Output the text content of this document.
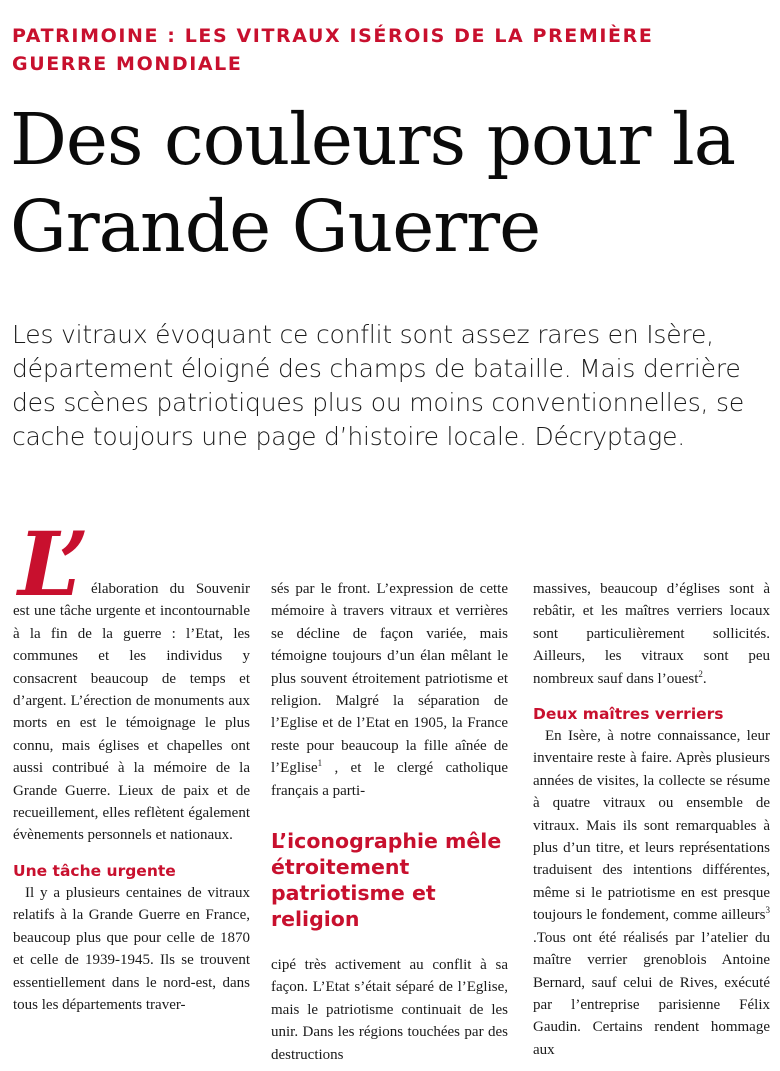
PATRIMOINE : LES VITRAUX ISÉROIS DE LA PREMIÈRE GUERRE MONDIALE
Des couleurs pour la Grande Guerre
Les vitraux évoquant ce conflit sont assez rares en Isère, département éloigné des champs de bataille. Mais derrière des scènes patriotiques plus ou moins conventionnelles, se cache toujours une page d’histoire locale. Décryptage.
L’ élaboration du Souvenir est une tâche urgente et incontournable à la fin de la guerre : l’Etat, les communes et les individus y consacrent beaucoup de temps et d’argent. L’érection de monuments aux morts en est le témoignage le plus connu, mais églises et chapelles ont aussi contribué à la mémoire de la Grande Guerre. Lieux de paix et de recueillement, elles reflètent également évènements personnels et nationaux.

Une tâche urgente

Il y a plusieurs centaines de vitraux relatifs à la Grande Guerre en France, beaucoup plus que pour celle de 1870 et celle de 1939-1945. Ils se trouvent essentiellement dans le nord-est, dans tous les départements traver-

sés par le front. L’expression de cette mémoire à travers vitraux et verrières se décline de façon variée, mais témoigne toujours d’un élan mêlant le plus souvent étroitement patriotisme et religion. Malgré la séparation de l’Eglise et de l’Etat en 1905, la France reste pour beaucoup la fille aînée de l’Eglise$^1$ , et le clergé catholique français a parti-

L’iconographie mêle étroitement patriotisme et religion

cipé très activement au conflit à sa façon. L’Etat s’était séparé de l’Eglise, mais le patriotisme continuait de les unir. Dans les régions touchées par des destructions

massives, beaucoup d’églises sont à rebâtir, et les maîtres verriers locaux sont particulièrement sollicités. Ailleurs, les vitraux sont peu nombreux sauf dans l’ouest$^2$.

Deux maîtres verriers

En Isère, à notre connaissance, leur inventaire reste à faire. Après plusieurs années de visites, la collecte se résume à quatre vitraux ou ensemble de vitraux. Mais ils sont remarquables à plus d’un titre, et leurs représentations traduisent des intentions différentes, même si le patriotisme en est presque toujours le fondement, comme ailleurs$^3$ .Tous ont été réalisés par l’atelier du maître verrier grenoblois Antoine Bernard, sauf celui de Rives, exécuté par l’entreprise parisienne Félix Gaudin. Certains rendent hommage aux
